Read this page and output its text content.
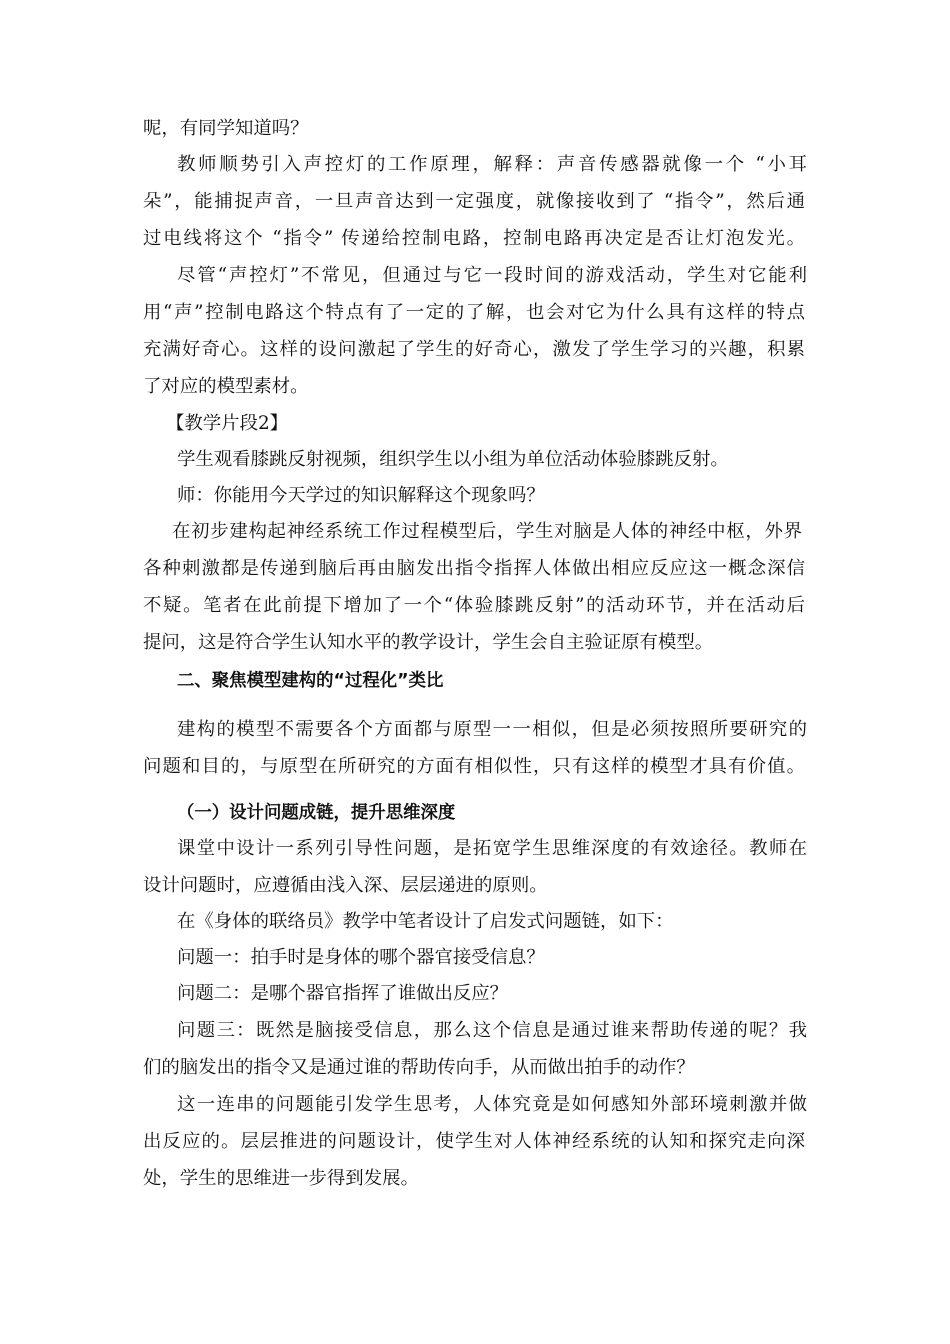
呢，有同学知道吗？

教师顺势引入声控灯的工作原理，解释：声音传感器就像一个 “小耳

朵”，能捕捉声音，一旦声音达到一定强度，就像接收到了 “指令”，然后通

过电线将这个 “指令” 传递给控制电路，控制电路再决定是否让灯泡发光。

尽管“声控灯”不常见，但通过与它一段时间的游戏活动，学生对它能利

用“声”控制电路这个特点有了一定的了解，也会对它为什么具有这样的特点

充满好奇心。这样的设问激起了学生的好奇心，激发了学生学习的兴趣，积累

了对应的模型素材。

【教学片段2】

学生观看膝跳反射视频，组织学生以小组为单位活动体验膝跳反射。

师：你能用今天学过的知识解释这个现象吗？

在初步建构起神经系统工作过程模型后，学生对脑是人体的神经中枢，外界

各种刺激都是传递到脑后再由脑发出指令指挥人体做出相应反应这一概念深信

不疑。笔者在此前提下增加了一个“体验膝跳反射”的活动环节，并在活动后

提问，这是符合学生认知水平的教学设计，学生会自主验证原有模型。

二、聚焦模型建构的“过程化”类比

建构的模型不需要各个方面都与原型一一相似，但是必须按照所要研究的

问题和目的，与原型在所研究的方面有相似性，只有这样的模型才具有价值。

（一）设计问题成链，提升思维深度

课堂中设计一系列引导性问题，是拓宽学生思维深度的有效途径。教师在

设计问题时，应遵循由浅入深、层层递进的原则。

在《身体的联络员》教学中笔者设计了启发式问题链，如下：

问题一：拍手时是身体的哪个器官接受信息？

问题二：是哪个器官指挥了谁做出反应？

问题三：既然是脑接受信息，那么这个信息是通过谁来帮助传递的呢？我

们的脑发出的指令又是通过谁的帮助传向手，从而做出拍手的动作？

这一连串的问题能引发学生思考，人体究竟是如何感知外部环境刺激并做

出反应的。层层推进的问题设计，使学生对人体神经系统的认知和探究走向深

处，学生的思维进一步得到发展。
